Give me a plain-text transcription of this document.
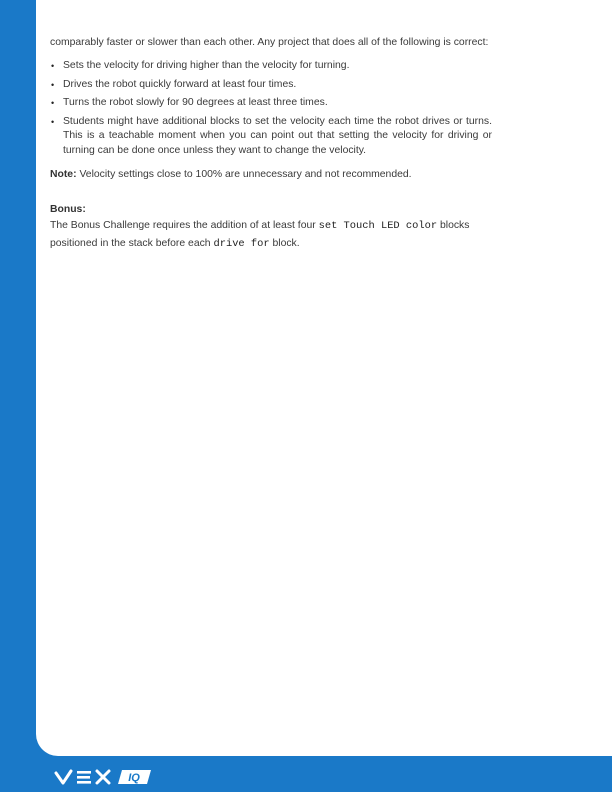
comparably faster or slower than each other. Any project that does all of the following is correct:

• Sets the velocity for driving higher than the velocity for turning.
• Drives the robot quickly forward at least four times.
• Turns the robot slowly for 90 degrees at least three times.
• Students might have additional blocks to set the velocity each time the robot drives or turns. This is a teachable moment when you can point out that setting the velocity for driving or turning can be done once unless they want to change the velocity.

Note: Velocity settings close to 100% are unnecessary and not recommended.

Bonus:

The Bonus Challenge requires the addition of at least four set Touch LED color blocks positioned in the stack before each drive for block.

IQ
